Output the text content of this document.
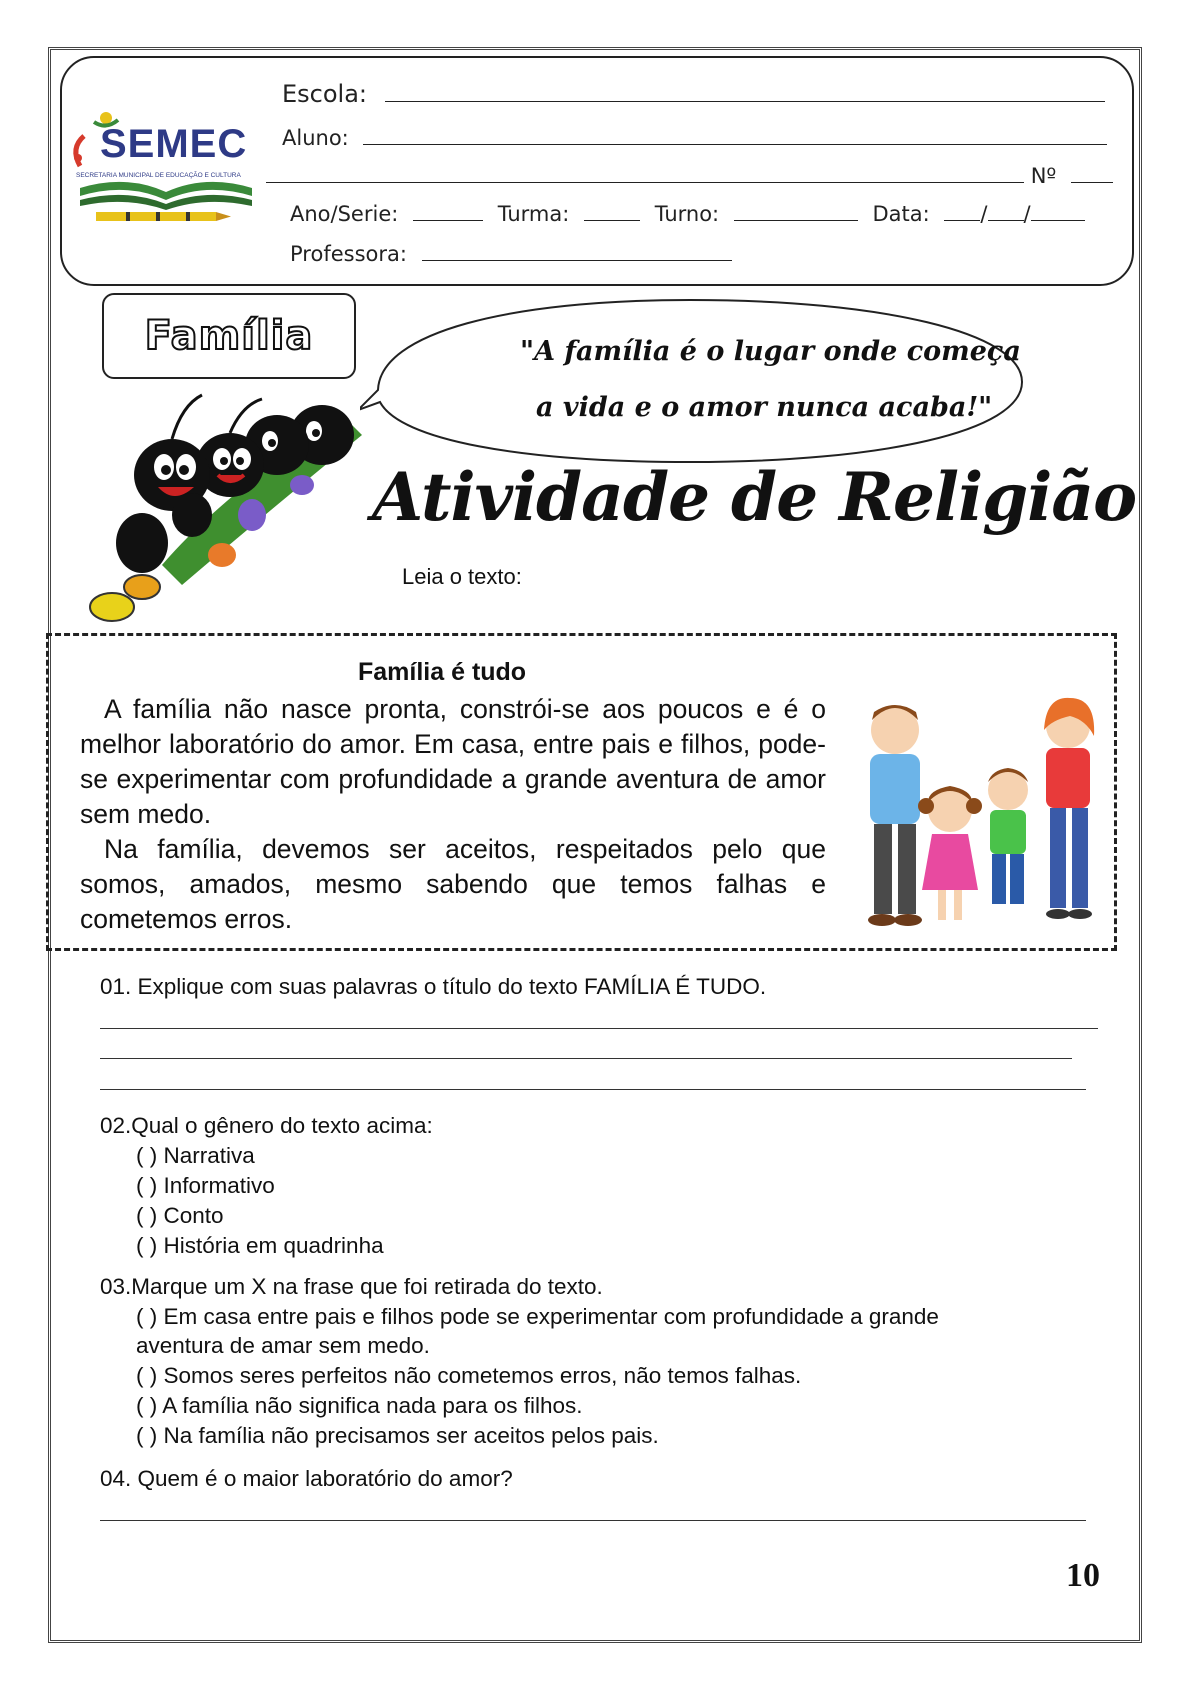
SEMEC
SECRETARIA MUNICIPAL DE EDUCAÇÃO E CULTURA
Escola:
Aluno:
Nº
Ano/Serie:	Turma:	Turno:	Data: / /
Professora:
Família	"A família é o lugar onde começa
a vida e o amor nunca acaba!"
Atividade de Religião
Leia o texto:
Família é tudo
A família não nasce pronta, constrói-se aos poucos e é o melhor laboratório do amor. Em casa, entre pais e filhos, pode-se experimentar com profundidade a grande aventura de amor sem medo.
Na família, devemos ser aceitos, respeitados pelo que somos, amados, mesmo sabendo que temos falhas e cometemos erros.
01. Explique com suas palavras o título do texto FAMÍLIA É TUDO.
02.Qual o gênero do texto acima:
( ) Narrativa
( ) Informativo
( ) Conto
( ) História em quadrinha
03.Marque um X na frase que foi retirada do texto.
( ) Em casa entre pais e filhos pode se experimentar com profundidade a grande
aventura de amar sem medo.
( ) Somos seres perfeitos não cometemos erros, não temos falhas.
( ) A família não significa nada para os filhos.
( ) Na família não precisamos ser aceitos pelos pais.
04. Quem é o maior laboratório do amor?
10
